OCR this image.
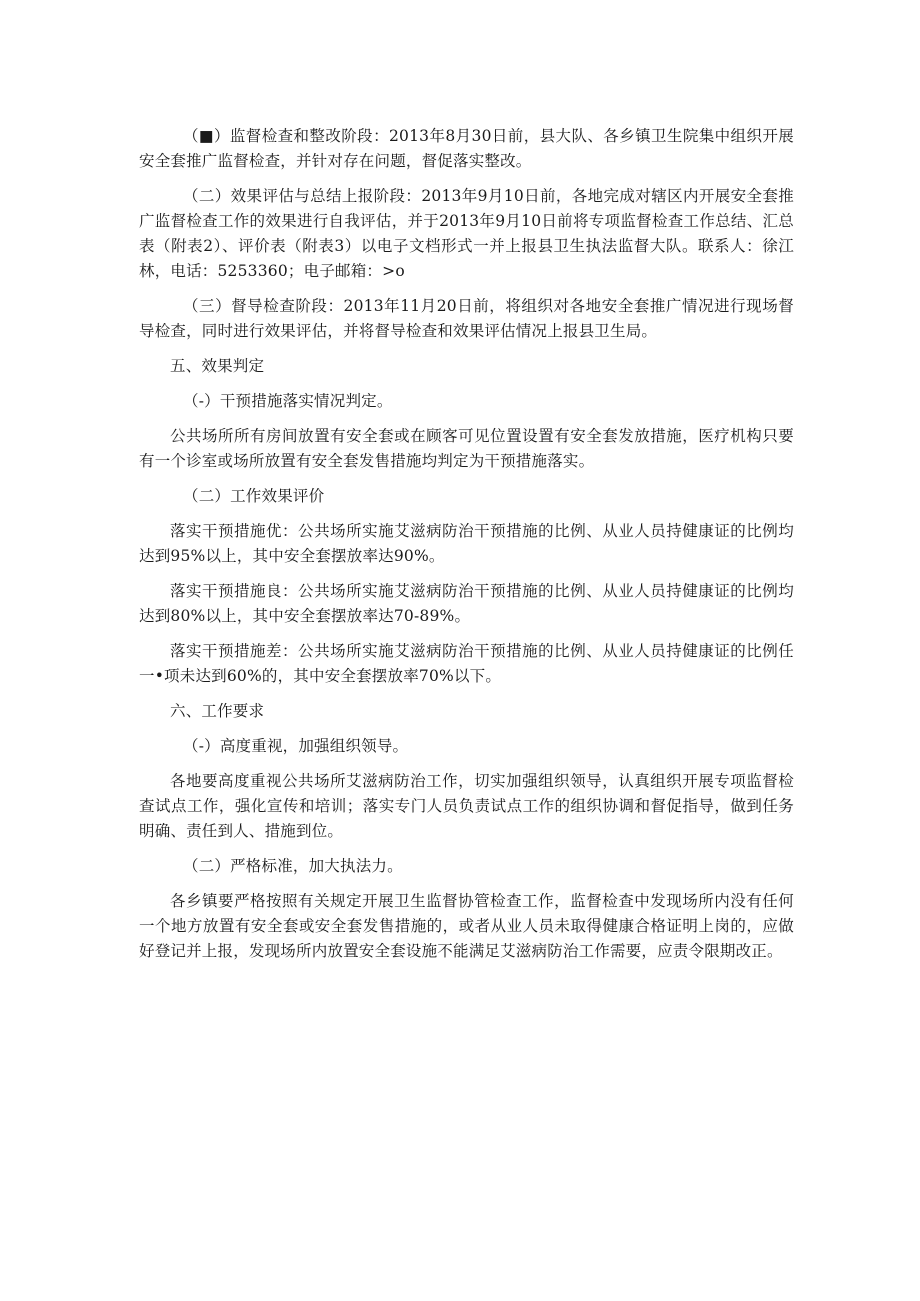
（■）监督检查和整改阶段：2013年8月30日前，县大队、各乡镇卫生院集中组织开展安全套推广监督检查，并针对存在问题，督促落实整改。

（二）效果评估与总结上报阶段：2013年9月10日前，各地完成对辖区内开展安全套推广监督检查工作的效果进行自我评估，并于2013年9月10日前将专项监督检查工作总结、汇总表（附表2）、评价表（附表3）以电子文档形式一并上报县卫生执法监督大队。联系人：徐江林，电话：5253360；电子邮箱：>o

（三）督导检查阶段：2013年11月20日前，将组织对各地安全套推广情况进行现场督导检查，同时进行效果评估，并将督导检查和效果评估情况上报县卫生局。

五、效果判定

（-）干预措施落实情况判定。

公共场所所有房间放置有安全套或在顾客可见位置设置有安全套发放措施，医疗机构只要有一个诊室或场所放置有安全套发售措施均判定为干预措施落实。

（二）工作效果评价

落实干预措施优：公共场所实施艾滋病防治干预措施的比例、从业人员持健康证的比例均达到95%以上，其中安全套摆放率达90%。

落实干预措施良：公共场所实施艾滋病防治干预措施的比例、从业人员持健康证的比例均达到80%以上，其中安全套摆放率达70-89%。

落实干预措施差：公共场所实施艾滋病防治干预措施的比例、从业人员持健康证的比例任一•项未达到60%的，其中安全套摆放率70%以下。

六、工作要求

（-）高度重视，加强组织领导。

各地要高度重视公共场所艾滋病防治工作，切实加强组织领导，认真组织开展专项监督检查试点工作，强化宣传和培训；落实专门人员负责试点工作的组织协调和督促指导，做到任务明确、责任到人、措施到位。

（二）严格标准，加大执法力。

各乡镇要严格按照有关规定开展卫生监督协管检查工作，监督检查中发现场所内没有任何一个地方放置有安全套或安全套发售措施的，或者从业人员未取得健康合格证明上岗的，应做好登记并上报，发现场所内放置安全套设施不能满足艾滋病防治工作需要，应责令限期改正。
